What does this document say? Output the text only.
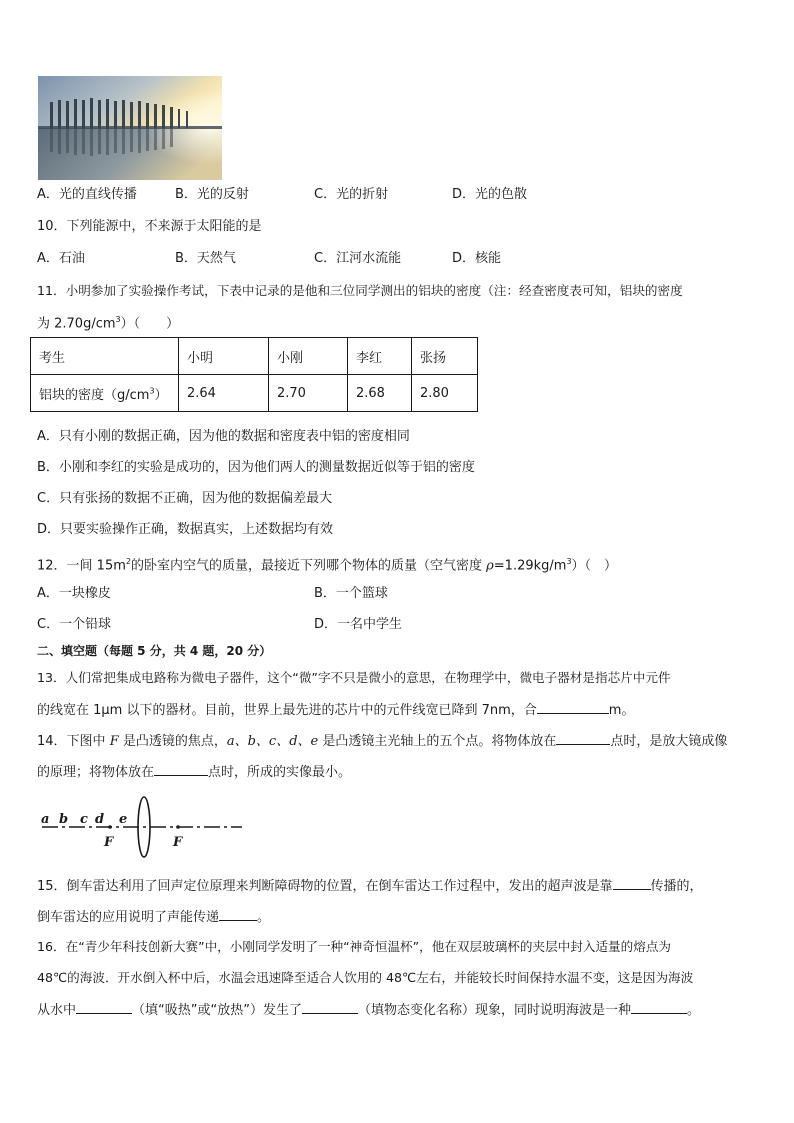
A．光的直线传播	B．光的反射	C．光的折射	D．光的色散
10．下列能源中，不来源于太阳能的是
A．石油	B．天然气	C．江河水流能	D．核能
11．小明参加了实验操作考试，下表中记录的是他和三位同学测出的铝块的密度（注：经查密度表可知，铝块的密度
为 $2.70g/cm^3$）（　　）
考生	小明	小刚	李红	张扬
铝块的密度$(g/cm^3)$	2.64	2.70	2.68	2.80
A．只有小刚的数据正确，因为他的数据和密度表中铝的密度相同
B．小刚和李红的实验是成功的，因为他们两人的测量数据近似等于铝的密度
C．只有张扬的数据不正确，因为他的数据偏差最大
D．只要实验操作正确，数据真实，上述数据均有效
12．一间 $15m^2$的卧室内空气的质量，最接近下列哪个物体的质量（空气密度 $\rho=1.29kg/m^3$）（　）
A．一块橡皮	B．一个篮球
C．一个铅球	D．一名中学生
二、填空题（每题 5 分，共 4 题，20 分）
13．人们常把集成电路称为微电子器件，这个“微”字不只是微小的意思，在物理学中，微电子器材是指芯片中元件
的线宽在 1μm 以下的器材。目前，世界上最先进的芯片中的元件线宽已降到 7nm，合	m。
14．下图中 F 是凸透镜的焦点，a、b、c、d、e 是凸透镜主光轴上的五个点。将物体放在	点时，是放大镜成像
的原理；将物体放在	点时，所成的实像最小。
a b c d e
F	F
15．倒车雷达利用了回声定位原理来判断障碍物的位置，在倒车雷达工作过程中，发出的超声波是靠	传播的，
倒车雷达的应用说明了声能传递	。
16．在“青少年科技创新大赛”中，小刚同学发明了一种“神奇恒温杯”，他在双层玻璃杯的夹层中封入适量的熔点为
48℃的海波．开水倒入杯中后，水温会迅速降至适合人饮用的 48℃左右，并能较长时间保持水温不变，这是因为海波
从水中	（填“吸热”或“放热”）发生了	（填物态变化名称）现象，同时说明海波是一种	。
